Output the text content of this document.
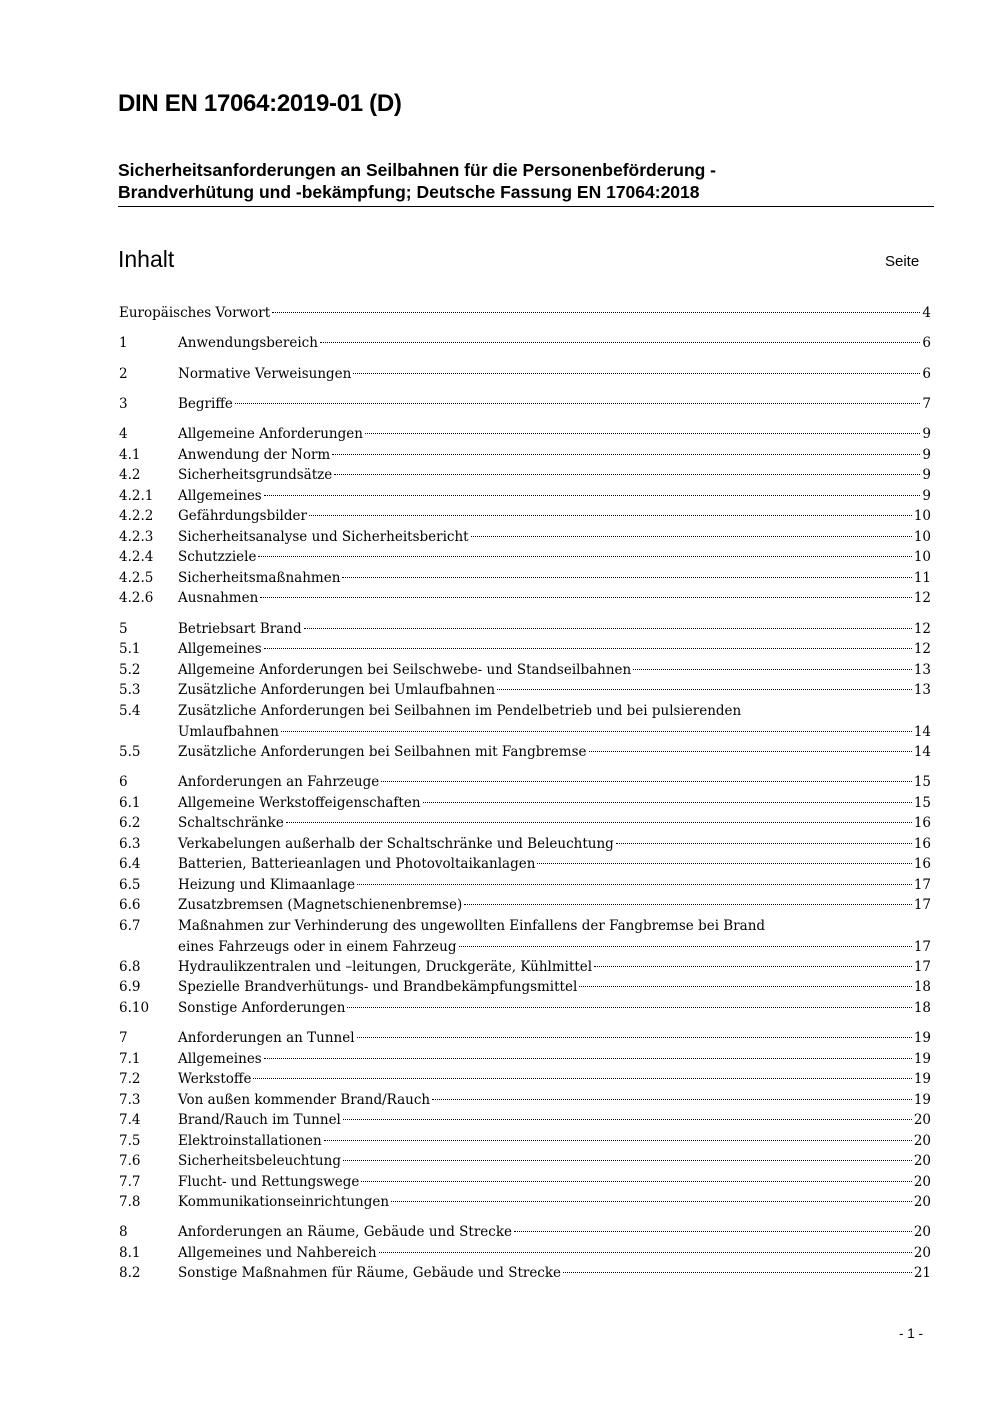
DIN EN 17064:2019-01 (D)
Sicherheitsanforderungen an Seilbahnen für die Personenbeförderung -
Brandverhütung und -bekämpfung; Deutsche Fassung EN 17064:2018
Inhalt	Seite
Europäisches Vorwort	4
1	Anwendungsbereich	6
2	Normative Verweisungen	6
3	Begriffe	7
4	Allgemeine Anforderungen	9
4.1	Anwendung der Norm	9
4.2	Sicherheitsgrundsätze	9
4.2.1	Allgemeines	9
4.2.2	Gefährdungsbilder	10
4.2.3	Sicherheitsanalyse und Sicherheitsbericht	10
4.2.4	Schutzziele	10
4.2.5	Sicherheitsmaßnahmen	11
4.2.6	Ausnahmen	12
5	Betriebsart Brand	12
5.1	Allgemeines	12
5.2	Allgemeine Anforderungen bei Seilschwebe- und Standseilbahnen	13
5.3	Zusätzliche Anforderungen bei Umlaufbahnen	13
5.4	Zusätzliche Anforderungen bei Seilbahnen im Pendelbetrieb und bei pulsierenden
Umlaufbahnen	14
5.5	Zusätzliche Anforderungen bei Seilbahnen mit Fangbremse	14
6	Anforderungen an Fahrzeuge	15
6.1	Allgemeine Werkstoffeigenschaften	15
6.2	Schaltschränke	16
6.3	Verkabelungen außerhalb der Schaltschränke und Beleuchtung	16
6.4	Batterien, Batterieanlagen und Photovoltaikanlagen	16
6.5	Heizung und Klimaanlage	17
6.6	Zusatzbremsen (Magnetschienenbremse)	17
6.7	Maßnahmen zur Verhinderung des ungewollten Einfallens der Fangbremse bei Brand
eines Fahrzeugs oder in einem Fahrzeug	17
6.8	Hydraulikzentralen und –leitungen, Druckgeräte, Kühlmittel	17
6.9	Spezielle Brandverhütungs- und Brandbekämpfungsmittel	18
6.10	Sonstige Anforderungen	18
7	Anforderungen an Tunnel	19
7.1	Allgemeines	19
7.2	Werkstoffe	19
7.3	Von außen kommender Brand/Rauch	19
7.4	Brand/Rauch im Tunnel	20
7.5	Elektroinstallationen	20
7.6	Sicherheitsbeleuchtung	20
7.7	Flucht- und Rettungswege	20
7.8	Kommunikationseinrichtungen	20
8	Anforderungen an Räume, Gebäude und Strecke	20
8.1	Allgemeines und Nahbereich	20
8.2	Sonstige Maßnahmen für Räume, Gebäude und Strecke	21
- 1 -
